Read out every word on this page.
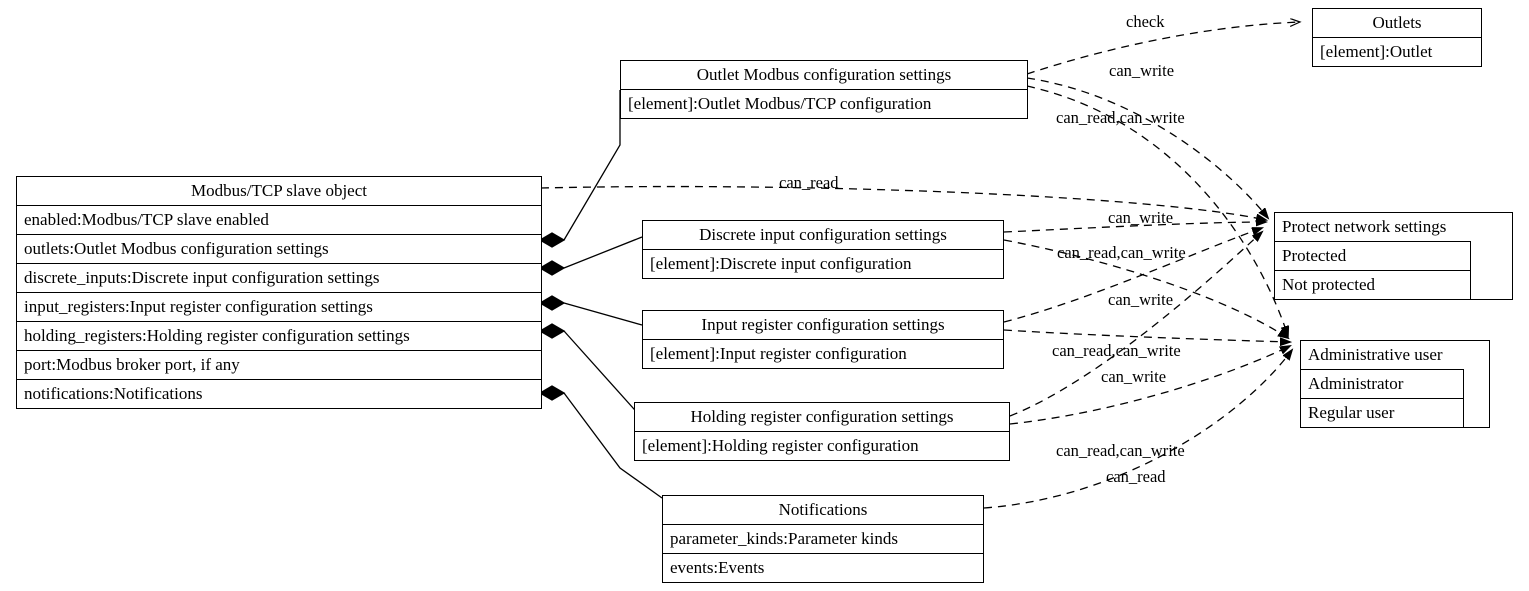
Modbus/TCP slave object
enabled:Modbus/TCP slave enabled
outlets:Outlet Modbus configuration settings
discrete_inputs:Discrete input configuration settings
input_registers:Input register configuration settings
holding_registers:Holding register configuration settings
port:Modbus broker port, if any
notifications:Notifications
Outlet Modbus configuration settings
[element]:Outlet Modbus/TCP configuration
Discrete input configuration settings
[element]:Discrete input configuration
Input register configuration settings
[element]:Input register configuration
Holding register configuration settings
[element]:Holding register configuration
Notifications
parameter_kinds:Parameter kinds
events:Events
Outlets
[element]:Outlet
Protect network settings
Protected
Not protected
Administrative user
Administrator
Regular user
check
can_write
can_read,can_write
can_read
can_write
can_read,can_write
can_write
can_read,can_write
can_write
can_read,can_write
can_read
